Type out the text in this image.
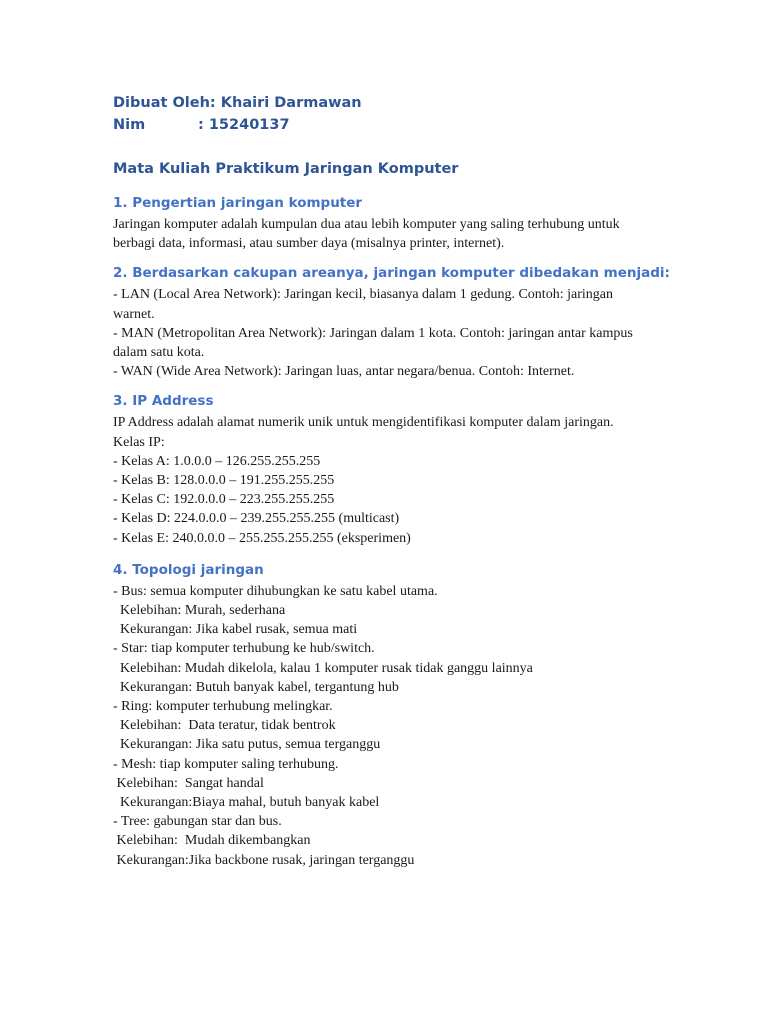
Dibuat Oleh: Khairi Darmawan
Nim	: 15240137
Mata Kuliah Praktikum Jaringan Komputer
1. Pengertian jaringan komputer
Jaringan komputer adalah kumpulan dua atau lebih komputer yang saling terhubung untuk
berbagi data, informasi, atau sumber daya (misalnya printer, internet).
2. Berdasarkan cakupan areanya, jaringan komputer dibedakan menjadi:
- LAN (Local Area Network): Jaringan kecil, biasanya dalam 1 gedung. Contoh: jaringan
warnet.
- MAN (Metropolitan Area Network): Jaringan dalam 1 kota. Contoh: jaringan antar kampus
dalam satu kota.
- WAN (Wide Area Network): Jaringan luas, antar negara/benua. Contoh: Internet.
3. IP Address
IP Address adalah alamat numerik unik untuk mengidentifikasi komputer dalam jaringan.
Kelas IP:
- Kelas A: 1.0.0.0 – 126.255.255.255
- Kelas B: 128.0.0.0 – 191.255.255.255
- Kelas C: 192.0.0.0 – 223.255.255.255
- Kelas D: 224.0.0.0 – 239.255.255.255 (multicast)
- Kelas E: 240.0.0.0 – 255.255.255.255 (eksperimen)
4. Topologi jaringan
- Bus: semua komputer dihubungkan ke satu kabel utama.
Kelebihan: Murah, sederhana
Kekurangan: Jika kabel rusak, semua mati
- Star: tiap komputer terhubung ke hub/switch.
Kelebihan: Mudah dikelola, kalau 1 komputer rusak tidak ganggu lainnya
Kekurangan: Butuh banyak kabel, tergantung hub
- Ring: komputer terhubung melingkar.
Kelebihan:  Data teratur, tidak bentrok
Kekurangan: Jika satu putus, semua terganggu
- Mesh: tiap komputer saling terhubung.
Kelebihan:  Sangat handal
Kekurangan:Biaya mahal, butuh banyak kabel
- Tree: gabungan star dan bus.
Kelebihan:  Mudah dikembangkan
Kekurangan:Jika backbone rusak, jaringan terganggu
